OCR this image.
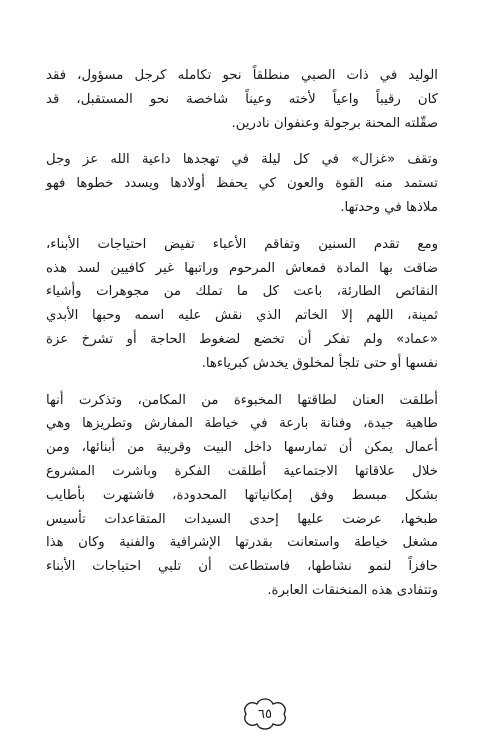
الوليد في ذات الصبي منطلقاً نحو تكامله كرجل مسؤول، فقد
كان رقيباً واعياً لأخته وعيناً شاخصة نحو المستقبل، قد
صقّلته المحنة برجولة وعنفوان نادرين.

وتقف «غزال» في كل ليلة في تهجدها داعية الله عز وجل
تستمد منه القوة والعون كي يحفظ أولادها ويسدد خطوها فهو
ملاذها في وحدتها.

ومع تقدم السنين وتفاقم الأعباء تفيض احتياجات الأبناء،
ضاقت بها المادة فمعاش المرحوم وراتبها غير كافيين لسد هذه
النقائص الطارئة، باعت كل ما تملك من مجوهرات وأشياء
ثمينة، اللهم إلا الخاتم الذي نقش عليه اسمه وحبها الأبدي
«عماد» ولم تفكر أن تخضع لضغوط الحاجة أو تشرخ عزة
نفسها أو حتى تلجأ لمخلوق يخدش كبرياءها.

أطلقت العنان لطاقتها المخبوءة من المكامن، وتذكرت أنها
طاهية جيدة، وفنانة بارعة في خياطة المفارش وتطريزها وهي
أعمال يمكن أن تمارسها داخل البيت وقريبة من أبنائها، ومن
خلال علاقاتها الاجتماعية أطلقت الفكرة وباشرت المشروع
بشكل مبسط وفق إمكانياتها المحدودة، فاشتهرت بأطايب
طبخها، عرضت عليها إحدى السيدات المتقاعدات تأسيس
مشغل خياطة واستعانت بقدرتها الإشرافية والفنية وكان هذا
حافزاً لنمو نشاطها، فاستطاعت أن تلبي احتياجات الأبناء
وتتفادى هذه المنخنقات العابرة.

٦٥
